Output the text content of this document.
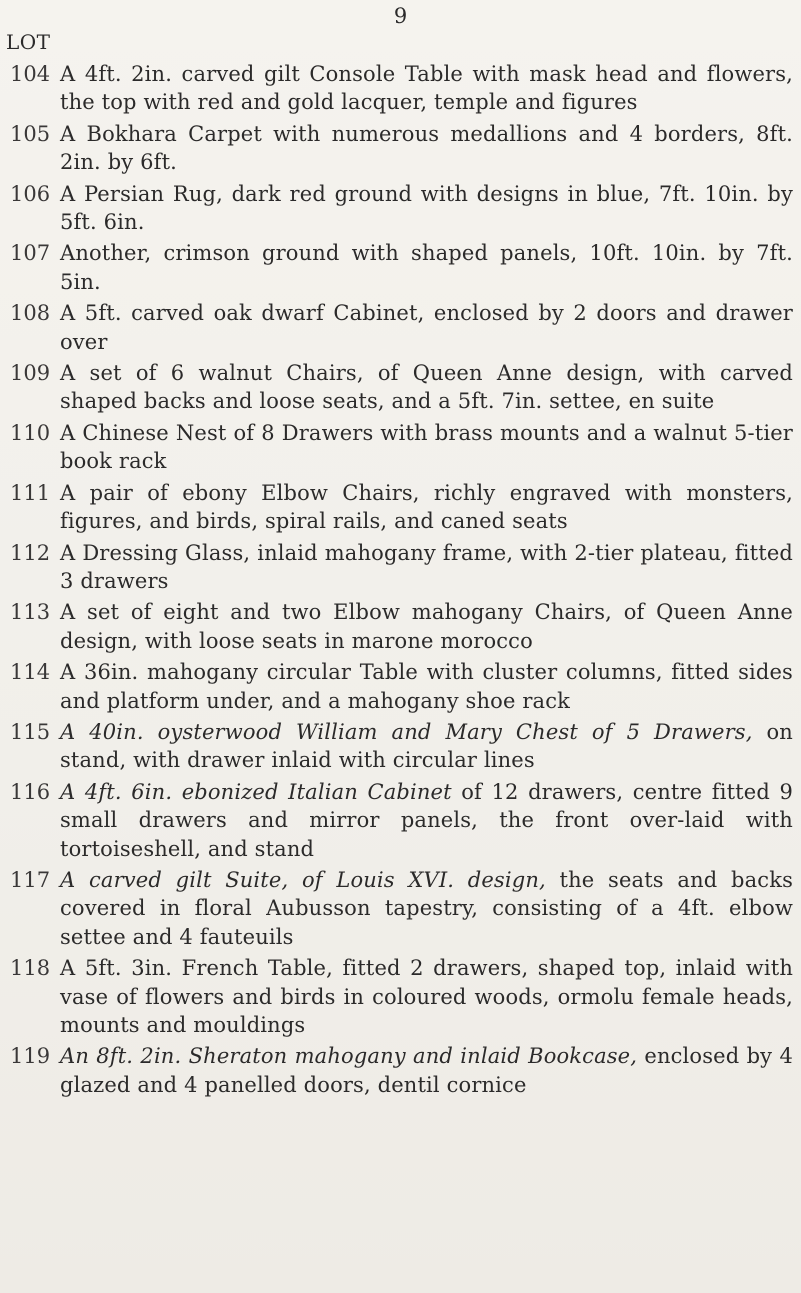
9
LOT
104 A 4ft. 2in. carved gilt Console Table with mask head and flowers, the top with red and gold lacquer, temple and figures
105 A Bokhara Carpet with numerous medallions and 4 borders, 8ft. 2in. by 6ft.
106 A Persian Rug, dark red ground with designs in blue, 7ft. 10in. by 5ft. 6in.
107 Another, crimson ground with shaped panels, 10ft. 10in. by 7ft. 5in.
108 A 5ft. carved oak dwarf Cabinet, enclosed by 2 doors and drawer over
109 A set of 6 walnut Chairs, of Queen Anne design, with carved shaped backs and loose seats, and a 5ft. 7in. settee, en suite
110 A Chinese Nest of 8 Drawers with brass mounts and a walnut 5-tier book rack
111 A pair of ebony Elbow Chairs, richly engraved with monsters, figures, and birds, spiral rails, and caned seats
112 A Dressing Glass, inlaid mahogany frame, with 2-tier plateau, fitted 3 drawers
113 A set of eight and two Elbow mahogany Chairs, of Queen Anne design, with loose seats in marone morocco
114 A 36in. mahogany circular Table with cluster columns, fitted sides and platform under, and a mahogany shoe rack
115 A 40in. oysterwood William and Mary Chest of 5 Drawers, on stand, with drawer inlaid with circular lines
116 A 4ft. 6in. ebonized Italian Cabinet of 12 drawers, centre fitted 9 small drawers and mirror panels, the front over-laid with tortoiseshell, and stand
117 A carved gilt Suite, of Louis XVI. design, the seats and backs covered in floral Aubusson tapestry, consisting of a 4ft. elbow settee and 4 fauteuils
118 A 5ft. 3in. French Table, fitted 2 drawers, shaped top, inlaid with vase of flowers and birds in coloured woods, ormolu female heads, mounts and mouldings
119 An 8ft. 2in. Sheraton mahogany and inlaid Bookcase, enclosed by 4 glazed and 4 panelled doors, dentil cornice
